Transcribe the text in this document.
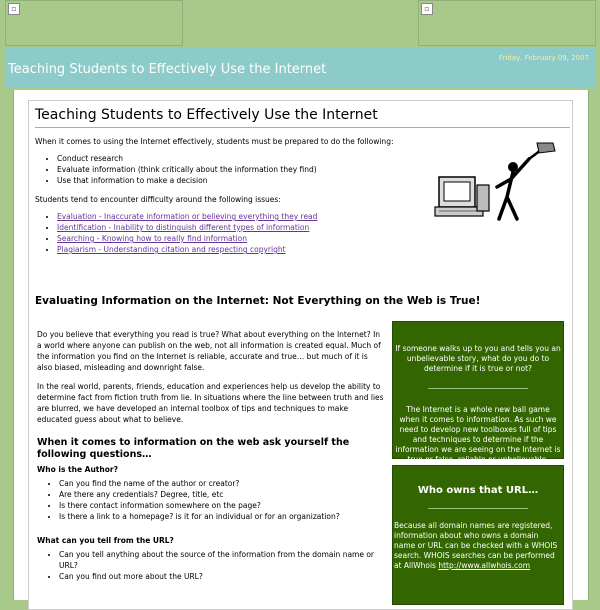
▫	▫
Teaching Students to Effectively Use the Internet
Friday, February 09, 2007
Teaching Students to Effectively Use the Internet

When it comes to using the Internet effectively, students must be prepared to do the following:

• Conduct research
• Evaluate information (think critically about the information they find)
• Use that information to make a decision

Students tend to encounter difficulty around the following issues:

• Evaluation - Inaccurate information or believing everything they read
• Identification - Inability to distinguish different types of information
• Searching - Knowing how to really find information
• Plagiarism - Understanding citation and respecting copyright
Evaluating Information on the Internet: Not Everything on the Web is True!

Do you believe that everything you read is true? What about everything on the Internet? In a world where anyone can publish on the web, not all information is created equal. Much of the information you find on the Internet is reliable, accurate and true… but much of it is also biased, misleading and downright false.

In the real world, parents, friends, education and experiences help us develop the ability to determine fact from fiction truth from lie. In situations where the line between truth and lies are blurred, we have developed an internal toolbox of tips and techniques to make educated guess about what to believe.

When it comes to information on the web ask yourself the following questions…
Who is the Author?
• Can you find the name of the author or creator?
• Are there any credentials? Degree, title, etc
• Is there contact information somewhere on the page?
• Is there a link to a homepage? is it for an individual or for an organization?
What can you tell from the URL?
• Can you tell anything about the source of the information from the domain name or URL?
• Can you find out more about the URL?
If someone walks up to you and tells you an unbelievable story, what do you do to determine if it is true or not?
The Internet is a whole new ball game when it comes to information. As such we need to develop new toolboxes full of tips and techniques to determine if the information we are seeing on the Internet is true or false, reliable or unbelievable.
Who owns that URL…
Because all domain names are registered, information about who owns a domain name or URL can be checked with a WHOIS search. WHOIS searches can be performed at AllWhois http://www.allwhois.com
